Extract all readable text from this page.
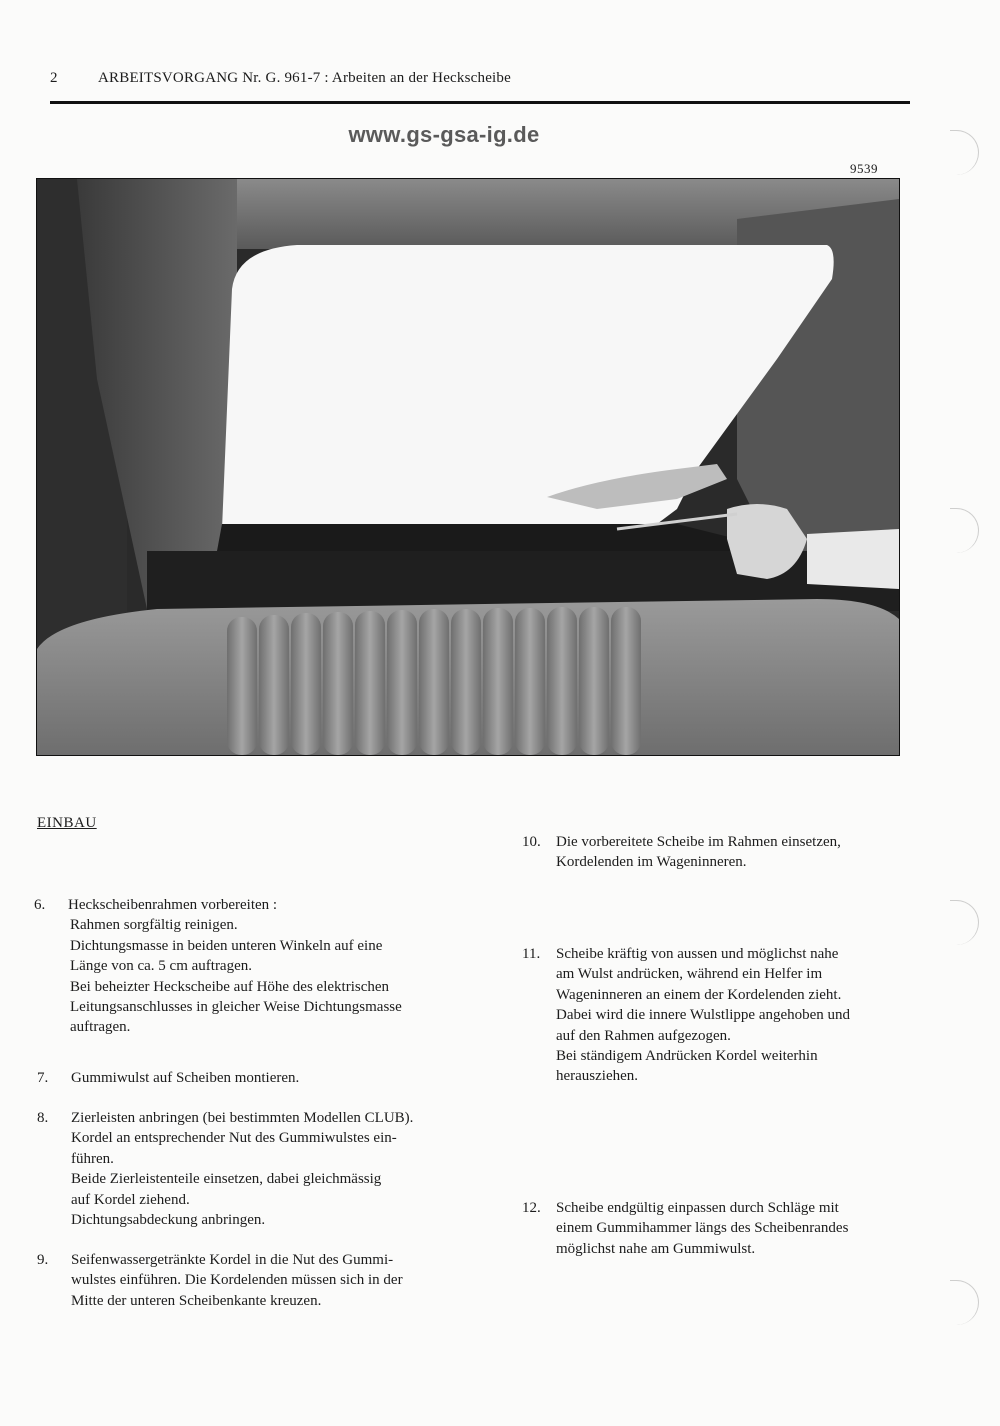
2	ARBEITSVORGANG Nr. G. 961-7 : Arbeiten an der Heckscheibe
www.gs-gsa-ig.de
9539
EINBAU
6. Heckscheibenrahmen vorbereiten :
Rahmen sorgfältig reinigen.
Dichtungsmasse in beiden unteren Winkeln auf eine
Länge von ca. 5 cm auftragen.
Bei beheizter Heckscheibe auf Höhe des elektrischen
Leitungsanschlusses in gleicher Weise Dichtungsmasse
auftragen.
7. Gummiwulst auf Scheiben montieren.
8. Zierleisten anbringen (bei bestimmten Modellen CLUB).
Kordel an entsprechender Nut des Gummiwulstes ein-
führen.
Beide Zierleistenteile einsetzen, dabei gleichmässig
auf Kordel ziehend.
Dichtungsabdeckung anbringen.
9. Seifenwassergetränkte Kordel in die Nut des Gummi-
wulstes einführen. Die Kordelenden müssen sich in der
Mitte der unteren Scheibenkante kreuzen.
10. Die vorbereitete Scheibe im Rahmen einsetzen,
Kordelenden im Wageninneren.
11. Scheibe kräftig von aussen und möglichst nahe
am Wulst andrücken, während ein Helfer im
Wageninneren an einem der Kordelenden zieht.
Dabei wird die innere Wulstlippe angehoben und
auf den Rahmen aufgezogen.
Bei ständigem Andrücken Kordel weiterhin
herausziehen.
12. Scheibe endgültig einpassen durch Schläge mit
einem Gummihammer längs des Scheibenrandes
möglichst nahe am Gummiwulst.
